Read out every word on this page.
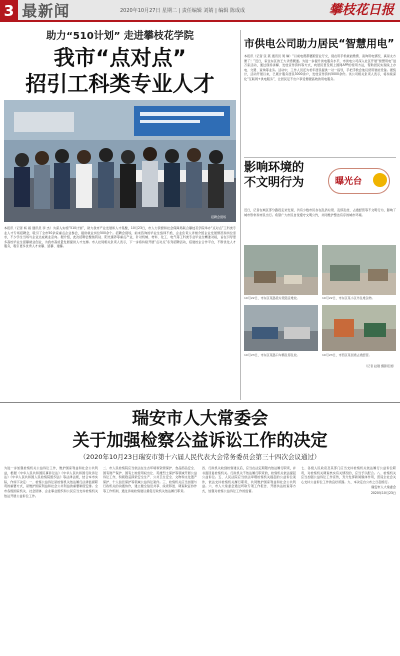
3 最新闻	2020年10月27日 星期二 | 责任编辑 刘婧 | 编辑 陈成成	攀枝花日报
助力“510计划” 走进攀枝花学院
我市“点对点”
招引工科类专业人才
招聘会现场
本报讯（记者 杨 娟 通讯员 李 杰）为深入实施“510计划”，助力我市产业发展和人才集聚，10月23日，市人力资源和社会保障局联合攀枝花学院举办“点对点”工科类专业人才专场招聘会，吸引了全市50余家重点企业参会，提供就业岗位500余个。招聘会现场，前来咨询的毕业生络绎不绝，企业负责人详细介绍企业发展情况和岗位需求，不少学生当场与企业达成就业意向。据介绍，此次招聘会聚焦钒钛、阳光康养等重点产业，针对机械、材料、化工、电气等工科类专业毕业生精准对接，旨在引导更多高校毕业生留攀就业创业，为我市高质量发展提供人才支撑。市人社局相关负责人表示，下一步将持续开展“点对点”系列招聘活动，搭建校企合作平台，不断优化人才服务，吸引更多优秀人才来攀、留攀、建攀。
市供电公司助力居民“智慧用电”
本报讯（记者 张 燕 通讯员 周 琳）“以前电费都要跑营业厅交，现在用手机就能缴费、查询用电情况，真是太方便了！”近日，家住东区的王大爷感慨道。为进一步提升供电服务水平，市供电公司深入社区开展“智慧用电”进万家活动，通过现场讲解、发放宣传资料等方式，向居民普及网上国网APP的使用方法，帮助居民实现线上办电、交费、查询等业务。活动中，工作人员还为老年居民提供一对一指导，手把手教会他们使用智能设备。据统计，活动开展以来，已累计服务居民3000余户，发放宣传资料5000余份。该公司相关负责人表示，将持续深化“互联网+供电服务”，让居民足不出户享受便捷高效的用电服务。
影响环境的
不文明行为	曝光台
近日，记者在城区部分路段走访发现，仍有少数市民存在乱扔垃圾、乱停乱放、占道经营等不文明行为，影响了城市形象和市民出行。希望广大市民自觉遵守文明公约，共同维护整洁有序的城市环境。
10月22日，市东区某路段垃圾随意堆放。	10月22日，市东区某小区外乱堆杂物。
10月23日，市东区某路口车辆乱停乱放。	10月23日，市西区某街道占道经营。
（记者 赵刚 摄影报道）
瑞安市人大常委会
关于加强检察公益诉讼工作的决定
（2020年10月23日瑞安市第十六届人民代表大会常务委员会第三十四次会议通过）
为进一步加强检察机关公益诉讼工作，维护国家利益和社会公共利益，根据《中华人民共和国民事诉讼法》《中华人民共和国行政诉讼法》《中华人民共和国人民检察院组织法》等法律法规，结合本市实际，作如下决定：一、检察公益诉讼是检察机关依法履行法律监督职责的重要方式，是维护国家利益和社会公共利益的重要制度安排。全市各级国家机关、社会团体、企业事业组织和公民应当支持检察机关依法开展公益诉讼工作。
二、市人民检察院应当依法在生态环境和资源保护、食品药品安全、国有财产保护、国有土地使用权出让、英雄烈士保护等领域开展公益诉讼工作，积极稳妥探索安全生产、公共卫生安全、文物和文化遗产保护、个人信息保护等领域公益诉讼案件。三、检察机关应当加强与行政机关的沟通协作，建立健全信息共享、线索移送、调查取证协作等工作机制，通过诉前检察建议督促行政机关依法履行职责。
四、行政机关收到检察建议后，应当在法定期限内依法履行职责，并书面回复检察机关。行政机关不依法履行职责的，检察机关依法提起公益诉讼。五、人民法院应当依法审理检察机关提起的公益诉讼案件，依法支持检察机关履行职责，共同维护国家利益和社会公共利益。六、市人大常委会通过听取专项工作报告、开展执法检查等方式，加强对检察公益诉讼工作的监督。
七、各级人民政府及其部门应当支持检察机关依法履行公益诉讼职责，对检察机关调查核实有关情况的，应当予以配合。八、检察机关应当加强公益诉讼工作宣传，充分发挥新闻媒体作用，营造全社会关心支持公益诉讼工作的良好氛围。九、本决定自公布之日起施行。
瑞安市人大常委会
2020年10月23日
